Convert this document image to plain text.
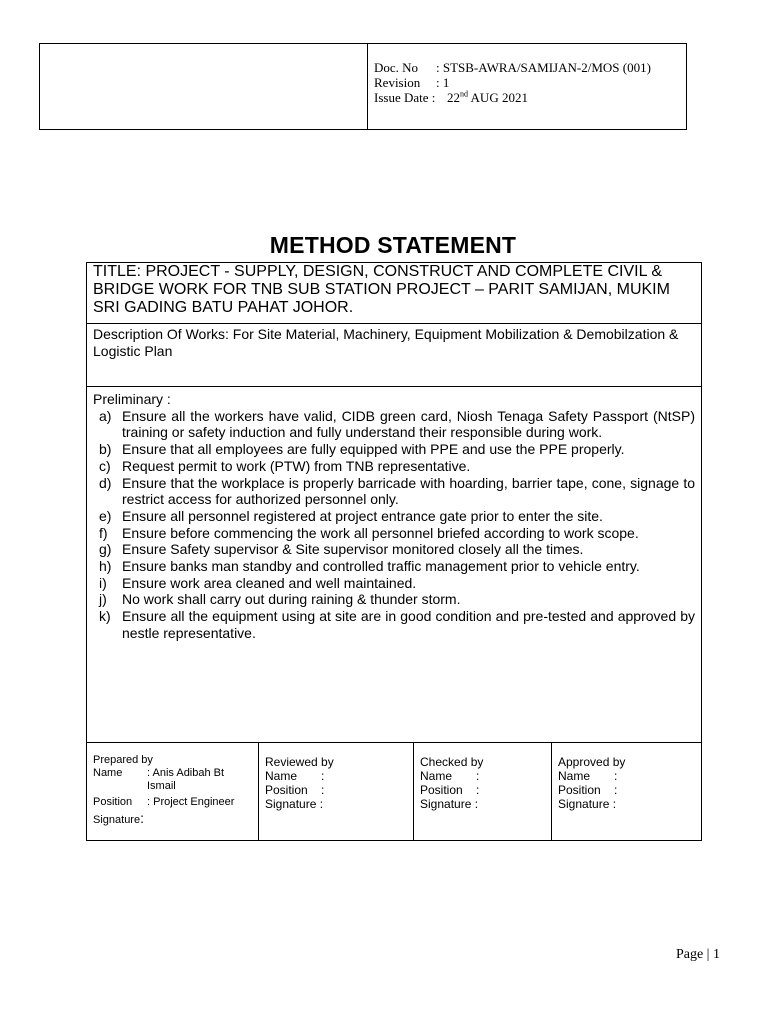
Doc. No	: STSB-AWRA/SAMIJAN-2/MOS (001)
Revision	: 1
Issue Date : 22nd AUG 2021
METHOD STATEMENT
TITLE: PROJECT - SUPPLY, DESIGN, CONSTRUCT AND COMPLETE CIVIL & BRIDGE WORK FOR TNB SUB STATION PROJECT – PARIT SAMIJAN, MUKIM SRI GADING BATU PAHAT JOHOR.
Description Of Works: For Site Material, Machinery, Equipment Mobilization & Demobilzation & Logistic Plan
Preliminary :
a) Ensure all the workers have valid, CIDB green card, Niosh Tenaga Safety Passport (NtSP) training or safety induction and fully understand their responsible during work.
b) Ensure that all employees are fully equipped with PPE and use the PPE properly.
c) Request permit to work (PTW) from TNB representative.
d) Ensure that the workplace is properly barricade with hoarding, barrier tape, cone, signage to restrict access for authorized personnel only.
e) Ensure all personnel registered at project entrance gate prior to enter the site.
f)	Ensure before commencing the work all personnel briefed according to work scope.
g) Ensure Safety supervisor & Site supervisor monitored closely all the times.
h) Ensure banks man standby and controlled traffic management prior to vehicle entry.
i)	Ensure work area cleaned and well maintained.
j)	No work shall carry out during raining & thunder storm.
k) Ensure all the equipment using at site are in good condition and pre-tested and approved by nestle representative.
Prepared by
Name	: Anis Adibah Bt Ismail
Position	: Project Engineer
Signature:
Reviewed by
Name	:
Position	:
Signature :
Checked by
Name	:
Position	:
Signature :
Approved by
Name	:
Position	:
Signature :
Page | 1
